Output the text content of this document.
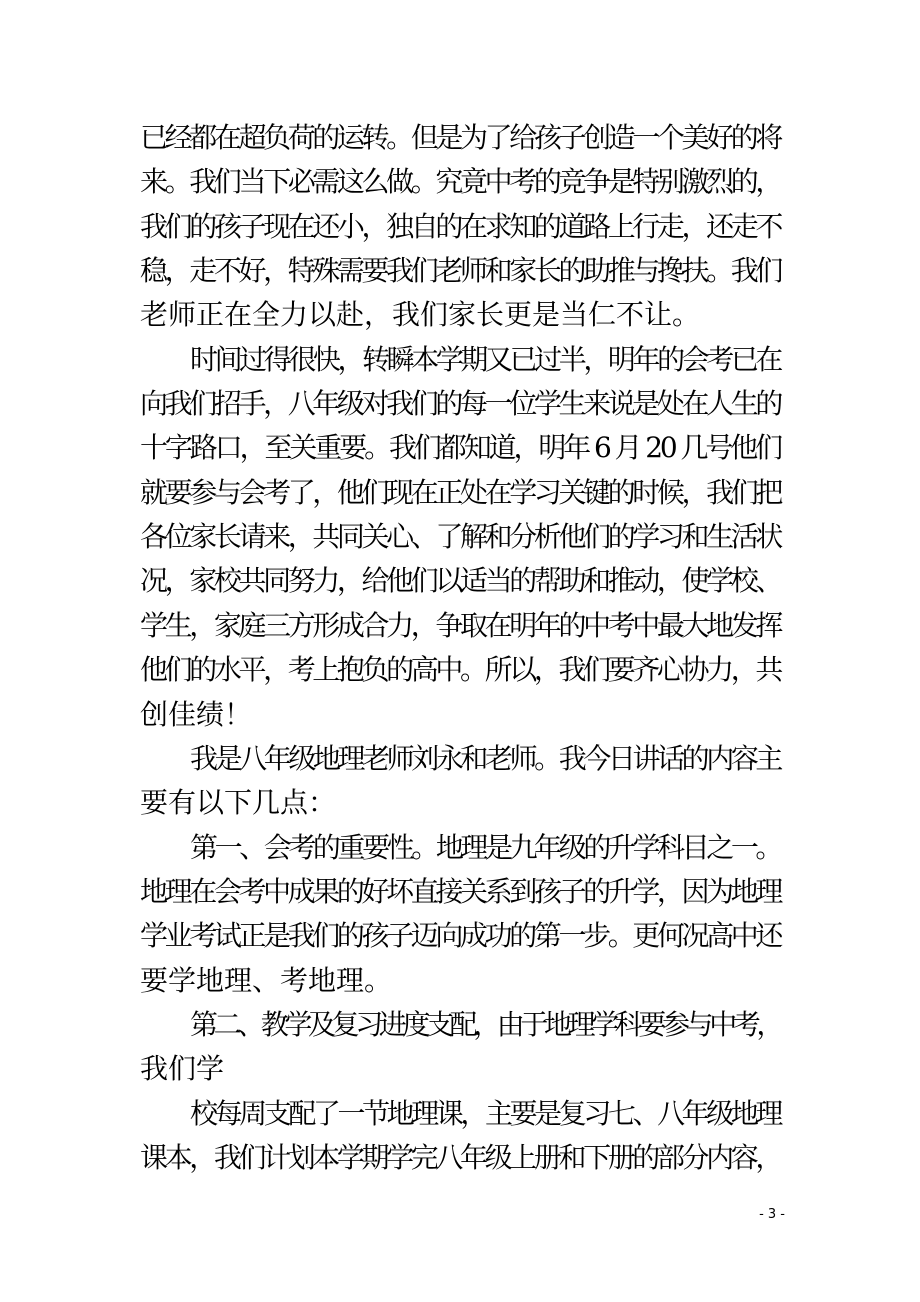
已经都在超负荷的运转。但是为了给孩子创造一个美好的将
来。我们当下必需这么做。究竟中考的竞争是特别激烈的，
我们的孩子现在还小，独自的在求知的道路上行走，还走不
稳，走不好，特殊需要我们老师和家长的助推与搀扶。我们
老师正在全力以赴，我们家长更是当仁不让。
时间过得很快，转瞬本学期又已过半，明年的会考已在
向我们招手，八年级对我们的每一位学生来说是处在人生的
十字路口，至关重要。我们都知道，明年 6 月 20 几号他们
就要参与会考了，他们现在正处在学习关键的时候，我们把
各位家长请来，共同关心、了解和分析他们的学习和生活状
况，家校共同努力，给他们以适当的帮助和推动，使学校、
学生，家庭三方形成合力，争取在明年的中考中最大地发挥
他们的水平，考上抱负的高中。所以，我们要齐心协力，共
创佳绩！
我是八年级地理老师刘永和老师。我今日讲话的内容主
要有以下几点：
第一、会考的重要性。地理是九年级的升学科目之一。
地理在会考中成果的好坏直接关系到孩子的升学，因为地理
学业考试正是我们的孩子迈向成功的第一步。更何况高中还
要学地理、考地理。
第二、教学及复习进度支配，由于地理学科要参与中考，
我们学
校每周支配了一节地理课，主要是复习七、八年级地理
课本，我们计划本学期学完八年级上册和下册的部分内容，
- 3 -
